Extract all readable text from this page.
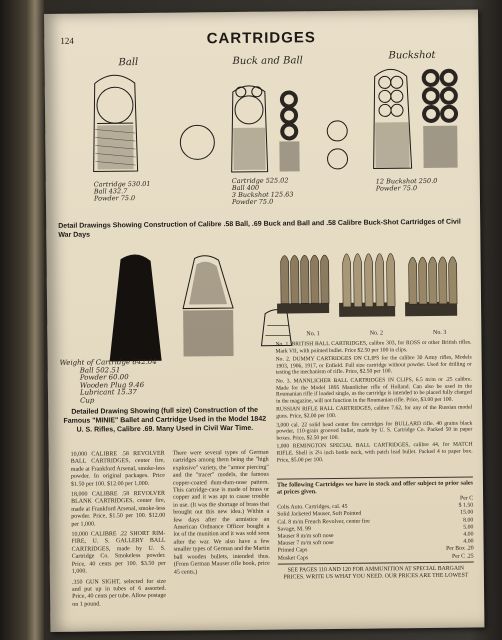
124	CARTRIDGES
Ball	Buck and Ball	Buckshot
Cartridge 530.01
Ball 432.7
Powder 75.0
Cartridge 525.02
Ball 400
3 Buckshot 125.63
Powder 75.0
12 Buckshot 250.0
Powder 75.0
Detail Drawings Showing Construction of Calibre .58 Ball, .69 Buck and Ball and .58 Calibre Buck-Shot Cartridges of Civil War Days
Weight of Cartridge 642.04
Ball 502.51
Powder 60.00
Wooden Plug 9.46
Lubricant 15.37
Cup
Detailed Drawing Showing (full size) Construction of the Famous "MINIE" Ballet and Cartridge Used in the Model 1842 U. S. Rifles, Calibre .69. Many Used in Civil War Time.
No. 1	No. 2	No. 3

10,000 CALIBRE .58 REVOLVER BALL CARTRIDGES, center fire, made at Frankford Arsenal, smoke-less powder. In original packages. Price $1.50 per 100. $12.00 per 1,000.

18,000 CALIBRE .58 REVOLVER BLANK CARTRIDGES, center fire, made at Frankford Arsenal, smoke-less powder. Price, $1.50 per 100. $12.00 per 1,000.

10,000 CALIBRE .22 SHORT RIM-FIRE, U. S. GALLERY BALL CARTRIDGES, made by U. S. Cartridge Co. Smokeless powder. Price, 40 cents per 100. $3.50 per 1,000.

.350 GUN SIGHT, selected for size and put up in tubes of 6 assorted. Price, 40 cents per tube. Allow postage on 1 pound.

There were several types of German cartridges among them being the "high explosive" variety, the "armor piercing" and the "tracer" models, the famous copper-coated dum-dum-nose pattern. This cartridge-case is made of brass or copper and it was apt to cause trouble in use. (It was the shortage of brass that brought out this new idea.) Within a few days after the armistice an American Ordnance Officer bought a lot of the munition and it was sold soon after the war. We also have a few smaller types of German and the Martin ball wooden bullets, intended thus. (From German Mauser rifle book, price 45 cents.)

No. 1. BRITISH BALL CARTRIDGES, calibre 303, for ROSS or other British rifles. Mark VII, with pointed bullet. Price $2.50 per 100 in clips.

No. 2. DUMMY CARTRIDGES ON CLIPS for the calibre 30 Army rifles, Models 1903, 1906, 1917, or Enfield. Full size cartridge without powder. Used for drilling or testing the mechanism of rifle. Price, $2.50 per 100.

No. 3. MANNLICHER BALL CARTRIDGES IN CLIPS, 6.5 m/m or .25 calibre. Made for the Model 1895 Mannlicher rifle of Holland. Can also be used in the Roumanian rifle if loaded single, as the cartridge is intended to be placed fully charged in the magazine, will not function in the Roumanian rifle. Price, $3.00 per 100.

RUSSIAN RIFLE BALL CARTRIDGES, calibre 7.62, for any of the Russian model guns. Price, $2.00 per 100.

3,000 cal. 22 solid head center fire cartridges for BULLARD rifle. 40 grains black powder, 110-grain grooved bullet, made by U. S. Cartridge Co. Packed 50 in paper boxes. Price, $2.50 per 100.

1,000 REMINGTON SPECIAL BALL CARTRIDGES, calibre 44, for MATCH RIFLE. Shell is 2¼ inch bottle neck, with patch lead bullet. Packed 4 to paper box. Price, $5.00 per 100.

The following Cartridges we have in stock and offer subject to prior sales at prices given.
Per C
Colts Auto. Cartridges, cal. 45	$ 1.50
Solid Jacketed Mauser, Soft Pointed	15.00
Cal. 8 m/m French Revolver, center fire	8.00
Savage, M. 99	5.00
Mauser 8 m/m soft nose	4.00
Mauser 7 m/m soft nose	4.00
Primed Caps	Per Box .20
Musket Caps	Per C .25
SEE PAGES 110 AND 120 FOR AMMUNITION AT SPECIAL BARGAIN PRICES. WRITE US WHAT YOU NEED. OUR PRICES ARE THE LOWEST
